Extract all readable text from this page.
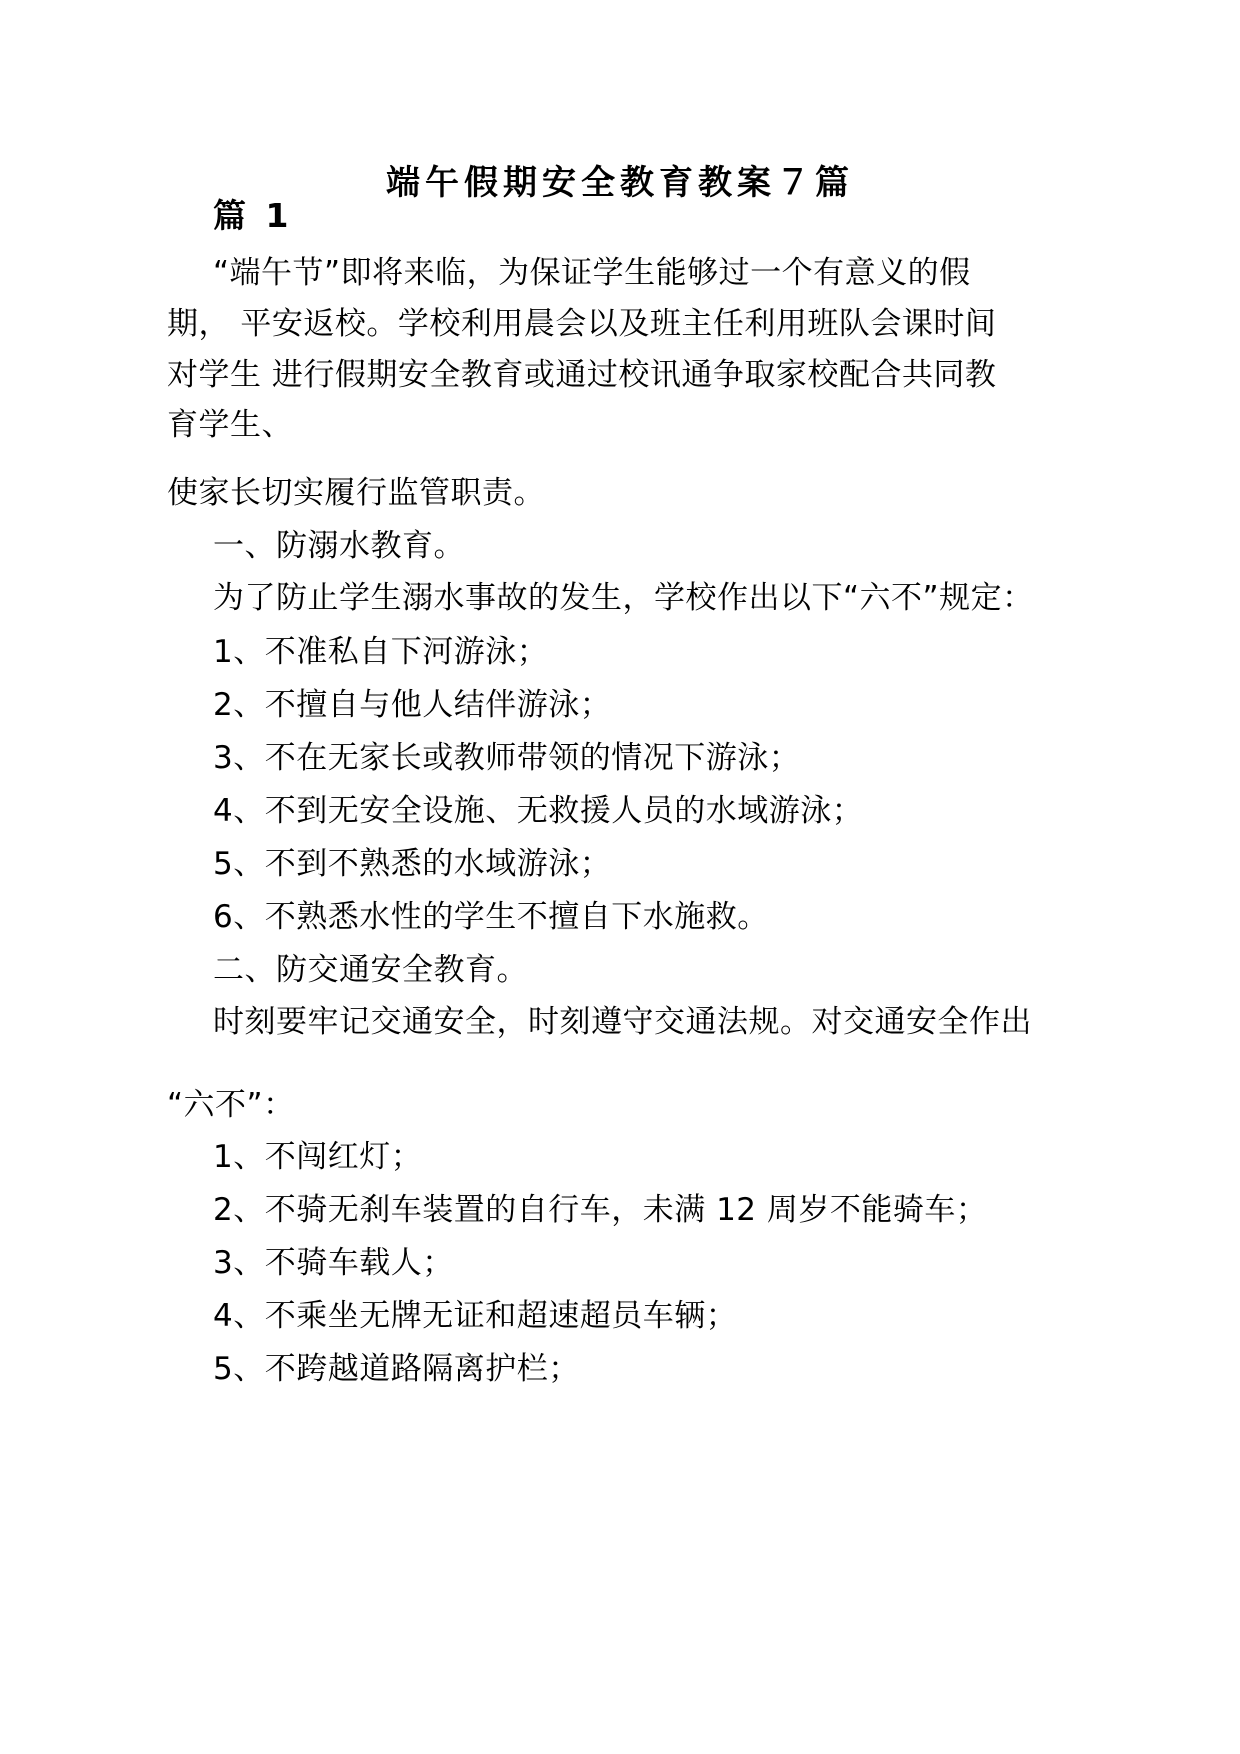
端午假期安全教育教案７篇
篇 1
“端午节”即将来临，为保证学生能够过一个有意义的假
期， 平安返校。学校利用晨会以及班主任利用班队会课时间
对学生 进行假期安全教育或通过校讯通争取家校配合共同教
育学生、
使家长切实履行监管职责。
一、防溺水教育。
为了防止学生溺水事故的发生，学校作出以下“六不”规定：
1、不准私自下河游泳；
2、不擅自与他人结伴游泳；
3、不在无家长或教师带领的情况下游泳；
4、不到无安全设施、无救援人员的水域游泳；
5、不到不熟悉的水域游泳；
6、不熟悉水性的学生不擅自下水施救。
二、防交通安全教育。
时刻要牢记交通安全，时刻遵守交通法规。对交通安全作出
“六不”：
1、不闯红灯；
2、不骑无刹车装置的自行车，未满 12 周岁不能骑车；
3、不骑车载人；
4、不乘坐无牌无证和超速超员车辆；
5、不跨越道路隔离护栏；
